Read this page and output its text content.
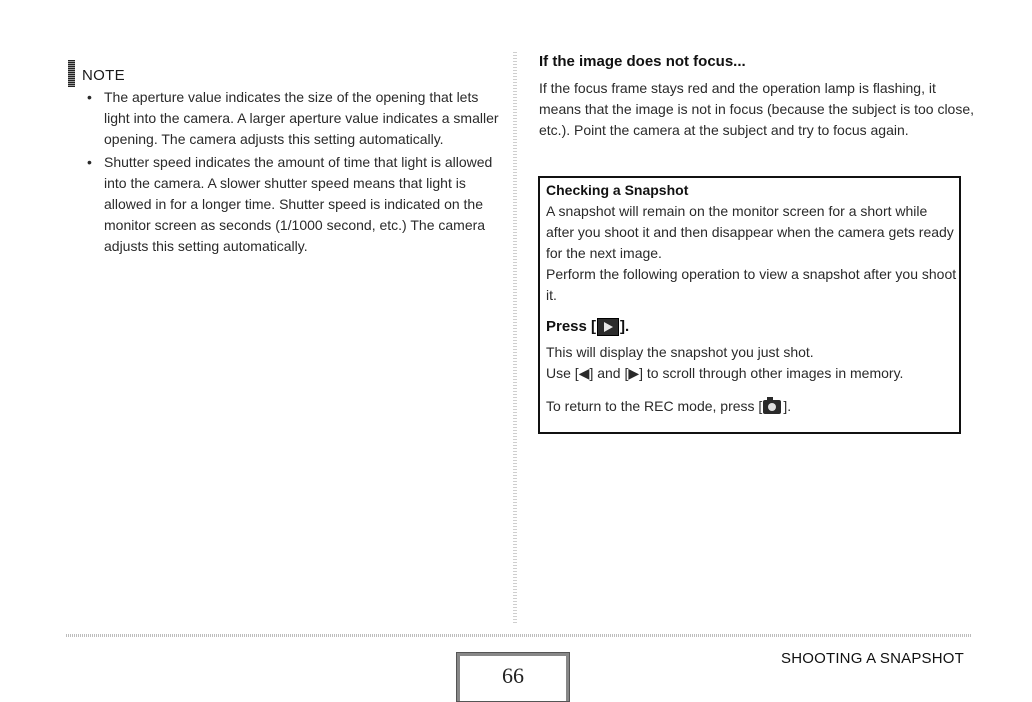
NOTE
• The aperture value indicates the size of the opening that lets light into the camera. A larger aperture value indicates a smaller opening. The camera adjusts this setting automatically.
• Shutter speed indicates the amount of time that light is allowed into the camera. A slower shutter speed means that light is allowed in for a longer time. Shutter speed is indicated on the monitor screen as seconds (1/1000 second, etc.) The camera adjusts this setting automatically.
If the image does not focus...
If the focus frame stays red and the operation lamp is flashing, it means that the image is not in focus (because the subject is too close, etc.). Point the camera at the subject and try to focus again.
Checking a Snapshot
A snapshot will remain on the monitor screen for a short while after you shoot it and then disappear when the camera gets ready for the next image.
Perform the following operation to view a snapshot after you shoot it.
Press [ ].
This will display the snapshot you just shot.
Use [◀] and [▶] to scroll through other images in memory.
To return to the REC mode, press [ ].
66
SHOOTING A SNAPSHOT
